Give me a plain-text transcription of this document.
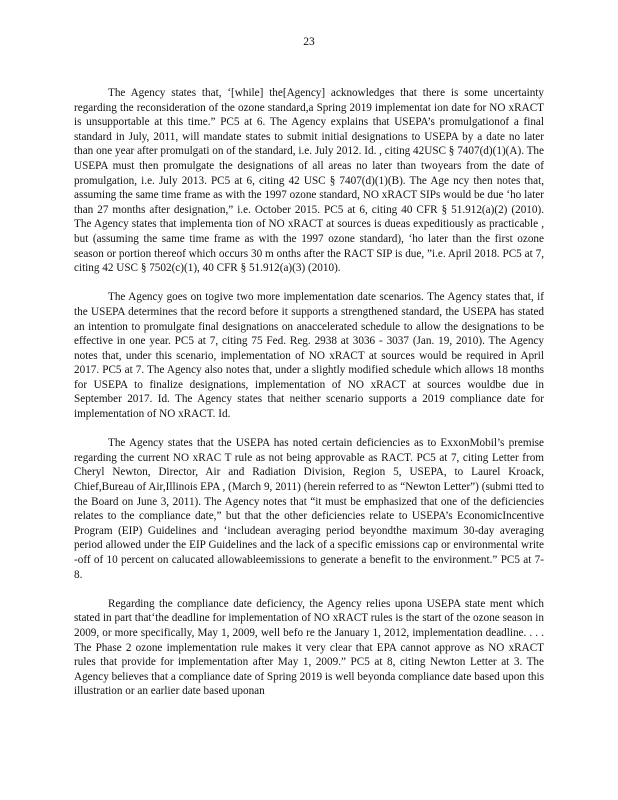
23

The Agency states that, ‘[while] the[Agency] acknowledges that there is some uncertainty regarding the reconsideration of the ozone standard,a Spring 2019 implementat ion date for NO xRACT is unsupportable at this time.” PC5 at 6. The Agency explains that USEPA’s promulgationof a final standard in July, 2011, will mandate states to submit initial designations to USEPA by a date no later than one year after promulgati on of the standard, i.e. July 2012. Id. , citing 42USC § 7407(d)(1)(A). The USEPA must then promulgate the designations of all areas no later than twoyears from the date of promulgation, i.e. July 2013. PC5 at 6, citing 42 USC § 7407(d)(1)(B). The Age ncy then notes that, assuming the same time frame as with the 1997 ozone standard, NO xRACT SIPs would be due ‘ho later than 27 months after designation,” i.e. October 2015. PC5 at 6, citing 40 CFR § 51.912(a)(2) (2010). The Agency states that implementa tion of NO xRACT at sources is dueas expeditiously as practicable , but (assuming the same time frame as with the 1997 ozone standard), ‘ho later than the first ozone season or portion thereof which occurs 30 m onths after the RACT SIP is due, ”i.e. April 2018. PC5 at 7, citing 42 USC § 7502(c)(1), 40 CFR § 51.912(a)(3) (2010).

The Agency goes on togive two more implementation date scenarios. The Agency states that, if the USEPA determines that the record before it supports a strengthened standard, the USEPA has stated an intention to promulgate final designations on anaccelerated schedule to allow the designations to be effective in one year. PC5 at 7, citing 75 Fed. Reg. 2938 at 3036 - 3037 (Jan. 19, 2010). The Agency notes that, under this scenario, implementation of NO xRACT at sources would be required in April 2017. PC5 at 7. The Agency also notes that, under a slightly modified schedule which allows 18 months for USEPA to finalize designations, implementation of NO xRACT at sources wouldbe due in September 2017. Id. The Agency states that neither scenario supports a 2019 compliance date for implementation of NO xRACT. Id.

The Agency states that the USEPA has noted certain deficiencies as to ExxonMobil’s premise regarding the current NO xRAC T rule as not being approvable as RACT. PC5 at 7, citing Letter from Cheryl Newton, Director, Air and Radiation Division, Region 5, USEPA, to Laurel Kroack, Chief,Bureau of Air,Illinois EPA , (March 9, 2011) (herein referred to as “Newton Letter”) (submi tted to the Board on June 3, 2011). The Agency notes that “it must be emphasized that one of the deficiencies relates to the compliance date,” but that the other deficiencies relate to USEPA’s EconomicIncentive Program (EIP) Guidelines and ‘includean averaging period beyondthe maximum 30-day averaging period allowed under the EIP Guidelines and the lack of a specific emissions cap or environmental write -off of 10 percent on calucated allowableemissions to generate a benefit to the environment.” PC5 at 7-8.

Regarding the compliance date deficiency, the Agency relies upona USEPA state ment which stated in part that‘the deadline for implementation of NO xRACT rules is the start of the ozone season in 2009, or more specifically, May 1, 2009, well befo re the January 1, 2012, implementation deadline. . . . The Phase 2 ozone implementation rule makes it very clear that EPA cannot approve as NO xRACT rules that provide for implementation after May 1, 2009.” PC5 at 8, citing Newton Letter at 3. The Agency believes that a compliance date of Spring 2019 is well beyonda compliance date based upon this illustration or an earlier date based uponan
